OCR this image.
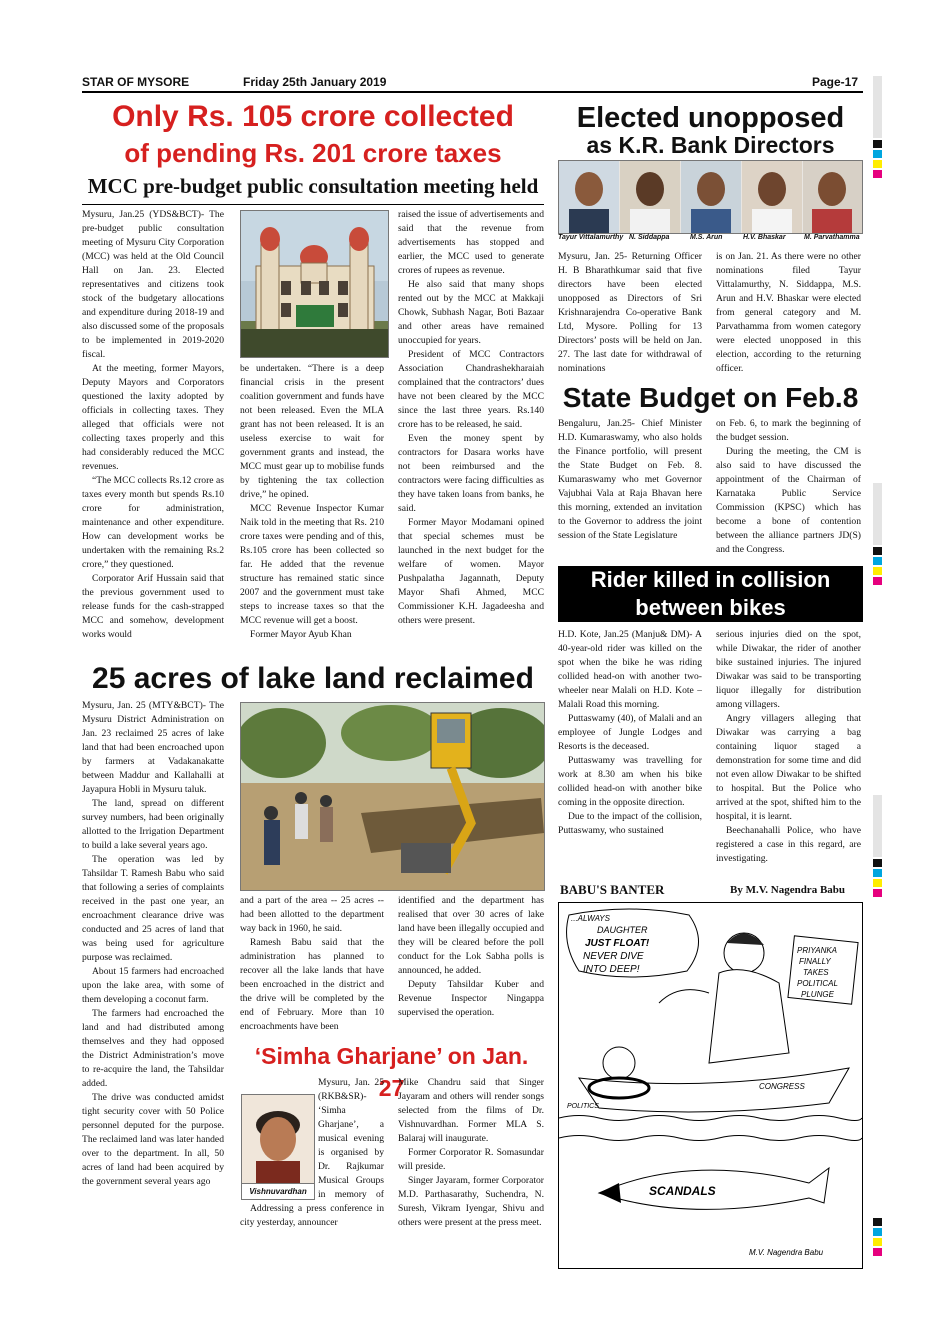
STAR OF MYSORE	Friday 25th January 2019	Page-17
Only Rs. 105 crore collected
of pending Rs. 201 crore taxes
MCC pre-budget public consultation meeting held

Mysuru, Jan.25 (YDS&BCT)- The pre-budget public consultation meeting of Mysuru City Corporation (MCC) was held at the Old Council Hall on Jan. 23. Elected representatives and citizens took stock of the budgetary allocations and expenditure during 2018-19 and also discussed some of the proposals to be implemented in 2019-2020 fiscal.

At the meeting, former Mayors, Deputy Mayors and Corporators questioned the laxity adopted by officials in collecting taxes. They alleged that officials were not collecting taxes properly and this had considerably reduced the MCC revenues.

“The MCC collects Rs.12 crore as taxes every month but spends Rs.10 crore for administration, maintenance and other expenditure. How can development works be undertaken with the remaining Rs.2 crore,” they questioned.

Corporator Arif Hussain said that the previous government used to release funds for the cash-strapped MCC and somehow, development works would

be undertaken. “There is a deep financial crisis in the present coalition government and funds have not been released. Even the MLA grant has not been released. It is an useless exercise to wait for government grants and instead, the MCC must gear up to mobilise funds by tightening the tax collection drive,” he opined.

MCC Revenue Inspector Kumar Naik told in the meeting that Rs. 210 crore taxes were pending and of this, Rs.105 crore has been collected so far. He added that the revenue structure has remained static since 2007 and the government must take steps to increase taxes so that the MCC revenue will get a boost.

Former Mayor Ayub Khan

raised the issue of advertisements and said that the revenue from advertisements has stopped and earlier, the MCC used to generate crores of rupees as revenue.

He also said that many shops rented out by the MCC at Makkaji Chowk, Subhash Nagar, Boti Bazaar and other areas have remained unoccupied for years.

President of MCC Contractors Association Chandrashekharaiah complained that the contractors’ dues have not been cleared by the MCC since the last three years. Rs.140 crore has to be released, he said.

Even the money spent by contractors for Dasara works have not been reimbursed and the contractors were facing difficulties as they have taken loans from banks, he said.

Former Mayor Modamani opined that special schemes must be launched in the next budget for the welfare of women. Mayor Pushpalatha Jagannath, Deputy Mayor Shafi Ahmed, MCC Commissioner K.H. Jagadeesha and others were present.

25 acres of lake land reclaimed

Mysuru, Jan. 25 (MTY&BCT)- The Mysuru District Administration on Jan. 23 reclaimed 25 acres of lake land that had been encroached upon by farmers at Vadakanakatte between Maddur and Kallahalli at Jayapura Hobli in Mysuru taluk.

The land, spread on different survey numbers, had been originally allotted to the Irrigation Department to build a lake several years ago.

The operation was led by Tahsildar T. Ramesh Babu who said that following a series of complaints received in the past one year, an encroachment clearance drive was conducted and 25 acres of land that was being used for agriculture purpose was reclaimed.

About 15 farmers had encroached upon the lake area, with some of them developing a coconut farm.

The farmers had encroached the land and had distributed among themselves and they had opposed the District Administration’s move to re-acquire the land, the Tahsildar added.

The drive was conducted amidst tight security cover with 50 Police personnel deputed for the purpose. The reclaimed land was later handed over to the department. In all, 50 acres of land had been acquired by the government several years ago

and a part of the area -- 25 acres -- had been allotted to the department way back in 1960, he said.

Ramesh Babu said that the administration has planned to recover all the lake lands that have been encroached in the district and the drive will be completed by the end of February. More than 10 encroachments have been

identified and the department has realised that over 30 acres of lake land have been illegally occupied and they will be cleared before the poll conduct for the Lok Sabha polls is announced, he added.

Deputy Tahsildar Kuber and Revenue Inspector Ningappa supervised the operation.

‘Simha Gharjane’ on Jan. 27
Vishnuvardhan

Mysuru, Jan. 25 (RKB&SR)- ‘Simha Gharjane’, a musical evening is organised by Dr. Rajkumar Musical Groups in memory of

Addressing a press conference in city yesterday, announcer

Mike Chandru said that Singer Jayaram and others will render songs selected from the films of Dr. Vishnuvardhan. Former MLA S. Balaraj will inaugurate.

Former Corporator R. Somasundar will preside.

Singer Jayaram, former Corporator M.D. Parthasarathy, Suchendra, N. Suresh, Vikram Iyengar, Shivu and others were present at the press meet.

Elected unopposed
as K.R. Bank Directors
Tayur Vittalamurthy N. Siddappa	M.S. Arun	H.V. Bhaskar	M. Parvathamma

Mysuru, Jan. 25- Returning Officer H. B Bharathkumar said that five directors have been elected unopposed as Directors of Sri Krishnarajendra Co-operative Bank Ltd, Mysore. Polling for 13 Directors’ posts will be held on Jan. 27. The last date for withdrawal of nominations

is on Jan. 21. As there were no other nominations filed Tayur Vittalamurthy, N. Siddappa, M.S. Arun and H.V. Bhaskar were elected from general category and M. Parvathamma from women category were elected unopposed in this election, according to the returning officer.

State Budget on Feb.8

Bengaluru, Jan.25- Chief Minister H.D. Kumaraswamy, who also holds the Finance portfolio, will present the State Budget on Feb. 8. Kumaraswamy who met Governor Vajubhai Vala at Raja Bhavan here this morning, extended an invitation to the Governor to address the joint session of the State Legislature

on Feb. 6, to mark the beginning of the budget session.

During the meeting, the CM is also said to have discussed the appointment of the Chairman of Karnataka Public Service Commission (KPSC) which has become a bone of contention between the alliance partners JD(S) and the Congress.

Rider killed in collision
between bikes

H.D. Kote, Jan.25 (Manju& DM)- A 40-year-old rider was killed on the spot when the bike he was riding collided head-on with another two-wheeler near Malali on H.D. Kote –Malali Road this morning.

Puttaswamy (40), of Malali and an employee of Jungle Lodges and Resorts is the deceased.

Puttaswamy was travelling for work at 8.30 am when his bike collided head-on with another bike coming in the opposite direction.

Due to the impact of the collision, Puttaswamy, who sustained

serious injuries died on the spot, while Diwakar, the rider of another bike sustained injuries. The injured Diwakar was said to be transporting liquor illegally for distribution among villagers.

Angry villagers alleging that Diwakar was carrying a bag containing liquor staged a demonstration for some time and did not even allow Diwakar to be shifted to hospital. But the Police who arrived at the spot, shifted him to the hospital, it is learnt.

Beechanahalli Police, who have registered a case in this regard, are investigating.

BABU'S BANTER	By M.V. Nagendra Babu
...ALWAYS
DAUGHTER
JUST FLOAT!
NEVER DIVE
INTO DEEP!
PRIYANKA
FINALLY
TAKES
POLITICAL
PLUNGE
CONGRESS
POLITICS
SCANDALS
M.V. Nagendra Babu
